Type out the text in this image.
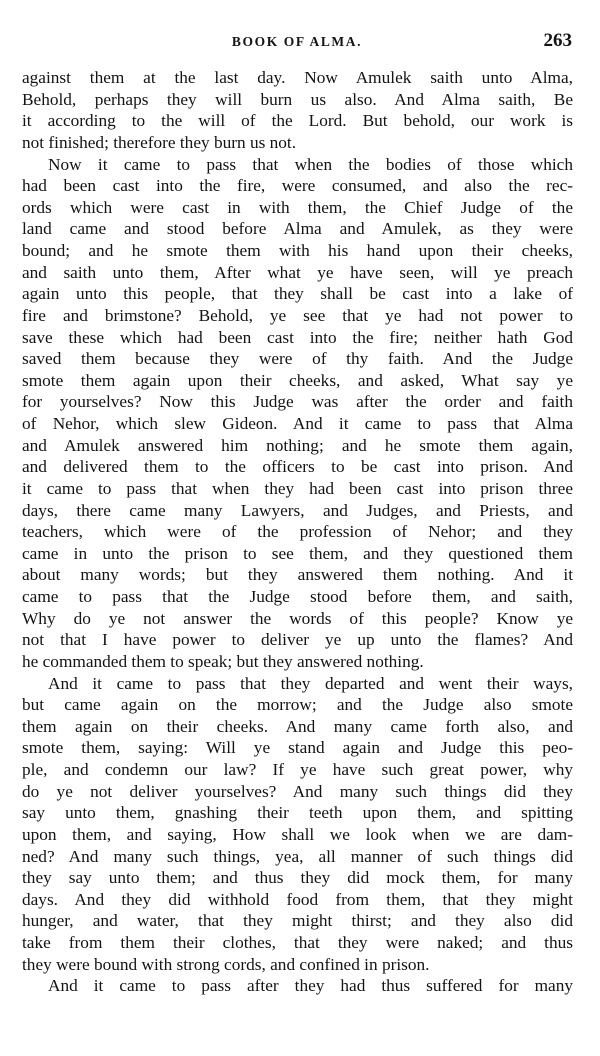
BOOK OF ALMA.	263
against them at the last day. Now Amulek saith unto Alma,
Behold, perhaps they will burn us also. And Alma saith, Be
it according to the will of the Lord. But behold, our work is
not finished; therefore they burn us not.
Now it came to pass that when the bodies of those which
had been cast into the fire, were consumed, and also the rec-
ords which were cast in with them, the Chief Judge of the
land came and stood before Alma and Amulek, as they were
bound; and he smote them with his hand upon their cheeks,
and saith unto them, After what ye have seen, will ye preach
again unto this people, that they shall be cast into a lake of
fire and brimstone? Behold, ye see that ye had not power to
save these which had been cast into the fire; neither hath God
saved them because they were of thy faith. And the Judge
smote them again upon their cheeks, and asked, What say ye
for yourselves? Now this Judge was after the order and faith
of Nehor, which slew Gideon. And it came to pass that Alma
and Amulek answered him nothing; and he smote them again,
and delivered them to the officers to be cast into prison. And
it came to pass that when they had been cast into prison three
days, there came many Lawyers, and Judges, and Priests, and
teachers, which were of the profession of Nehor; and they
came in unto the prison to see them, and they questioned them
about many words; but they answered them nothing. And it
came to pass that the Judge stood before them, and saith,
Why do ye not answer the words of this people? Know ye
not that I have power to deliver ye up unto the flames? And
he commanded them to speak; but they answered nothing.
And it came to pass that they departed and went their ways,
but came again on the morrow; and the Judge also smote
them again on their cheeks. And many came forth also, and
smote them, saying: Will ye stand again and Judge this peo-
ple, and condemn our law? If ye have such great power, why
do ye not deliver yourselves? And many such things did they
say unto them, gnashing their teeth upon them, and spitting
upon them, and saying, How shall we look when we are dam-
ned? And many such things, yea, all manner of such things did
they say unto them; and thus they did mock them, for many
days. And they did withhold food from them, that they might
hunger, and water, that they might thirst; and they also did
take from them their clothes, that they were naked; and thus
they were bound with strong cords, and confined in prison.
And it came to pass after they had thus suffered for many
